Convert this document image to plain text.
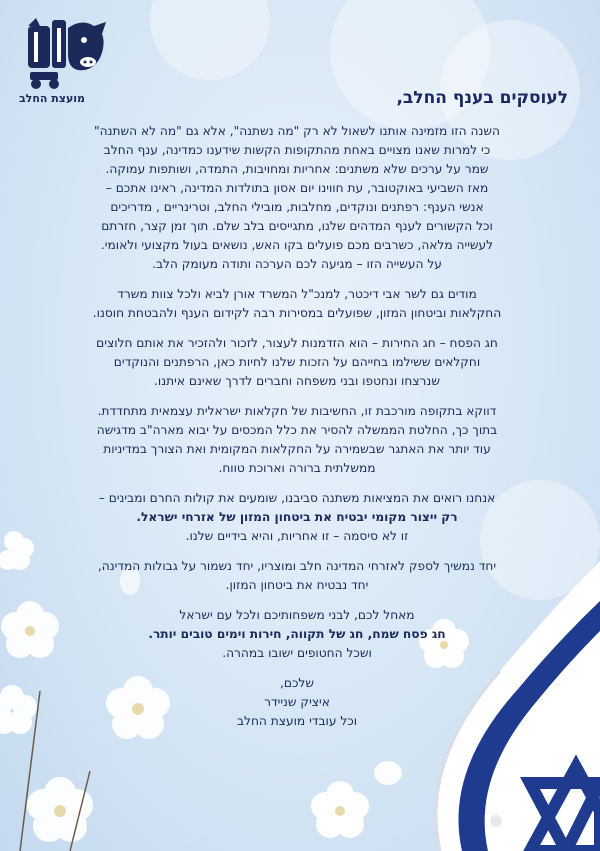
מועצת החלב	לעוסקים בענף החלב,
השנה הזו מזמינה אותנו לשאול לא רק "מה נשתנה", אלא גם "מה לא השתנה"
כי למרות שאנו מצויים באחת מהתקופות הקשות שידענו כמדינה, ענף החלב
שמר על ערכים שלא משתנים: אחריות ומחויבות, התמדה, ושותפות עמוקה.
מאז השביעי באוקטובר, עת חווינו יום אסון בתולדות המדינה, ראינו אתכם –
אנשי הענף: רפתנים ונוקדים, מחלבות, מובילי החלב, וטרינריים , מדריכים
וכל הקשורים לענף המדהים שלנו, מתגייסים בלב שלם. תוך זמן קצר, חזרתם
לעשייה מלאה, כשרבים מכם פועלים בקו האש, נושאים בעול מקצועי ולאומי.
על העשייה הזו – מגיעה לכם הערכה ותודה מעומק הלב.
מודים גם לשר אבי דיכטר, למנכ"ל המשרד אורן לביא ולכל צוות משרד
החקלאות וביטחון המזון, שפועלים במסירות רבה לקידום הענף ולהבטחת חוסנו.
חג הפסח – חג החירות – הוא הזדמנות לעצור, לזכור ולהזכיר את אותם חלוצים
וחקלאים ששילמו בחייהם על הזכות שלנו לחיות כאן, הרפתנים והנוקדים
שנרצחו ונחטפו ובני משפחה וחברים לדרך שאינם איתנו.
דווקא בתקופה מורכבת זו, החשיבות של חקלאות ישראלית עצמאית מתחדדת.
בתוך כך, החלטת הממשלה להסיר את כלל המכסים על יבוא מארה"ב מדגישה
עוד יותר את האתגר שבשמירה על החקלאות המקומית ואת הצורך במדיניות
ממשלתית ברורה וארוכת טווח.
אנחנו רואים את המציאות משתנה סביבנו, שומעים את קולות החרם ומבינים –
רק ייצור מקומי יבטיח את ביטחון המזון של אזרחי ישראל.
זו לא סיסמה – זו אחריות, והיא בידיים שלנו.
יחד נמשיך לספק לאזרחי המדינה חלב ומוצריו, יחד נשמור על גבולות המדינה,
יחד נבטיח את ביטחון המזון.
מאחל לכם, לבני משפחותיכם ולכל עם ישראל
חג פסח שמח, חג של תקווה, חירות וימים טובים יותר.
ושכל החטופים ישובו במהרה.
שלכם,
איציק שניידר
וכל עובדי מועצת החלב
